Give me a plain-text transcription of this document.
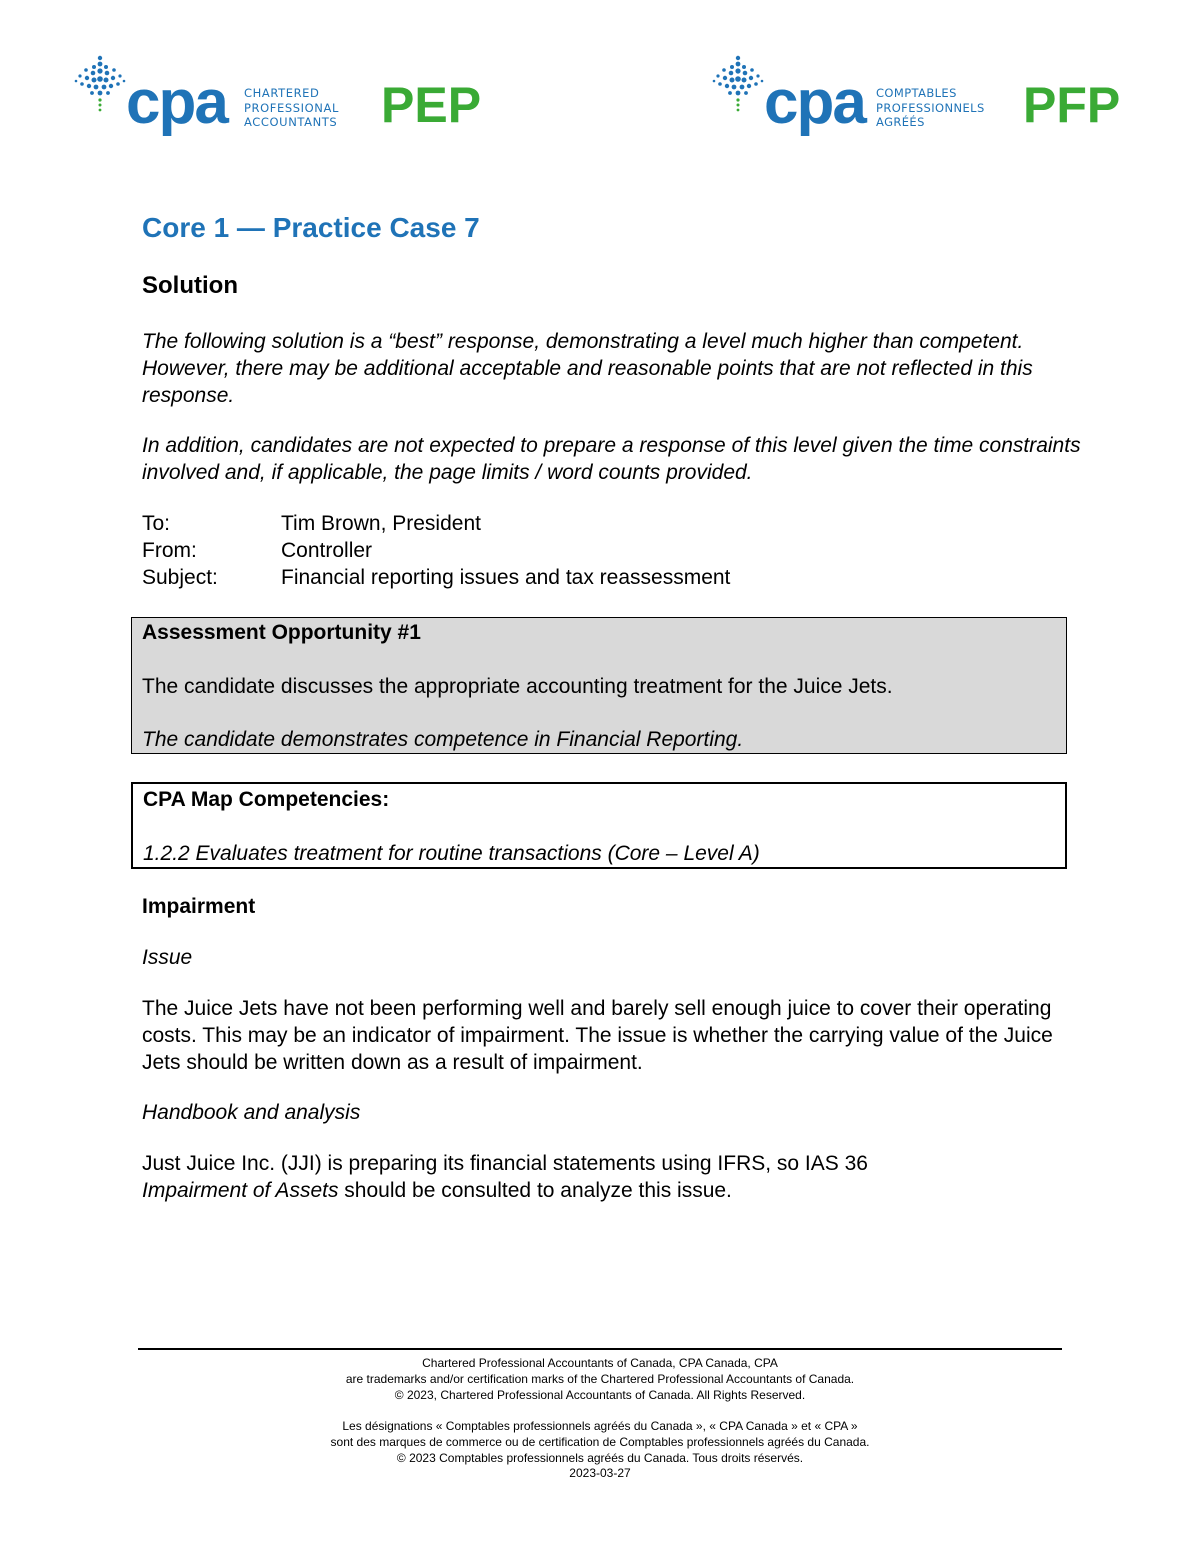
cpa CHARTERED
PROFESSIONAL
ACCOUNTANTS PEP	cpa COMPTABLES
PROFESSIONNELS
AGRÉÉS	PFP
Core 1 — Practice Case 7
Solution

The following solution is a “best” response, demonstrating a level much higher than competent. However, there may be additional acceptable and reasonable points that are not reflected in this response.

In addition, candidates are not expected to prepare a response of this level given the time constraints involved and, if applicable, the page limits / word counts provided.

To:	Tim Brown, President
From:	Controller
Subject:	Financial reporting issues and tax reassessment
Assessment Opportunity #1
The candidate discusses the appropriate accounting treatment for the Juice Jets.
The candidate demonstrates competence in Financial Reporting.
CPA Map Competencies:
1.2.2 Evaluates treatment for routine transactions (Core – Level A)

Impairment

Issue

The Juice Jets have not been performing well and barely sell enough juice to cover their operating costs. This may be an indicator of impairment. The issue is whether the carrying value of the Juice Jets should be written down as a result of impairment.

Handbook and analysis

Just Juice Inc. (JJI) is preparing its financial statements using IFRS, so IAS 36
Impairment of Assets should be consulted to analyze this issue.

Chartered Professional Accountants of Canada, CPA Canada, CPA
are trademarks and/or certification marks of the Chartered Professional Accountants of Canada.
© 2023, Chartered Professional Accountants of Canada. All Rights Reserved.
Les désignations « Comptables professionnels agréés du Canada », « CPA Canada » et « CPA »
sont des marques de commerce ou de certification de Comptables professionnels agréés du Canada.
© 2023 Comptables professionnels agréés du Canada. Tous droits réservés.
2023-03-27
